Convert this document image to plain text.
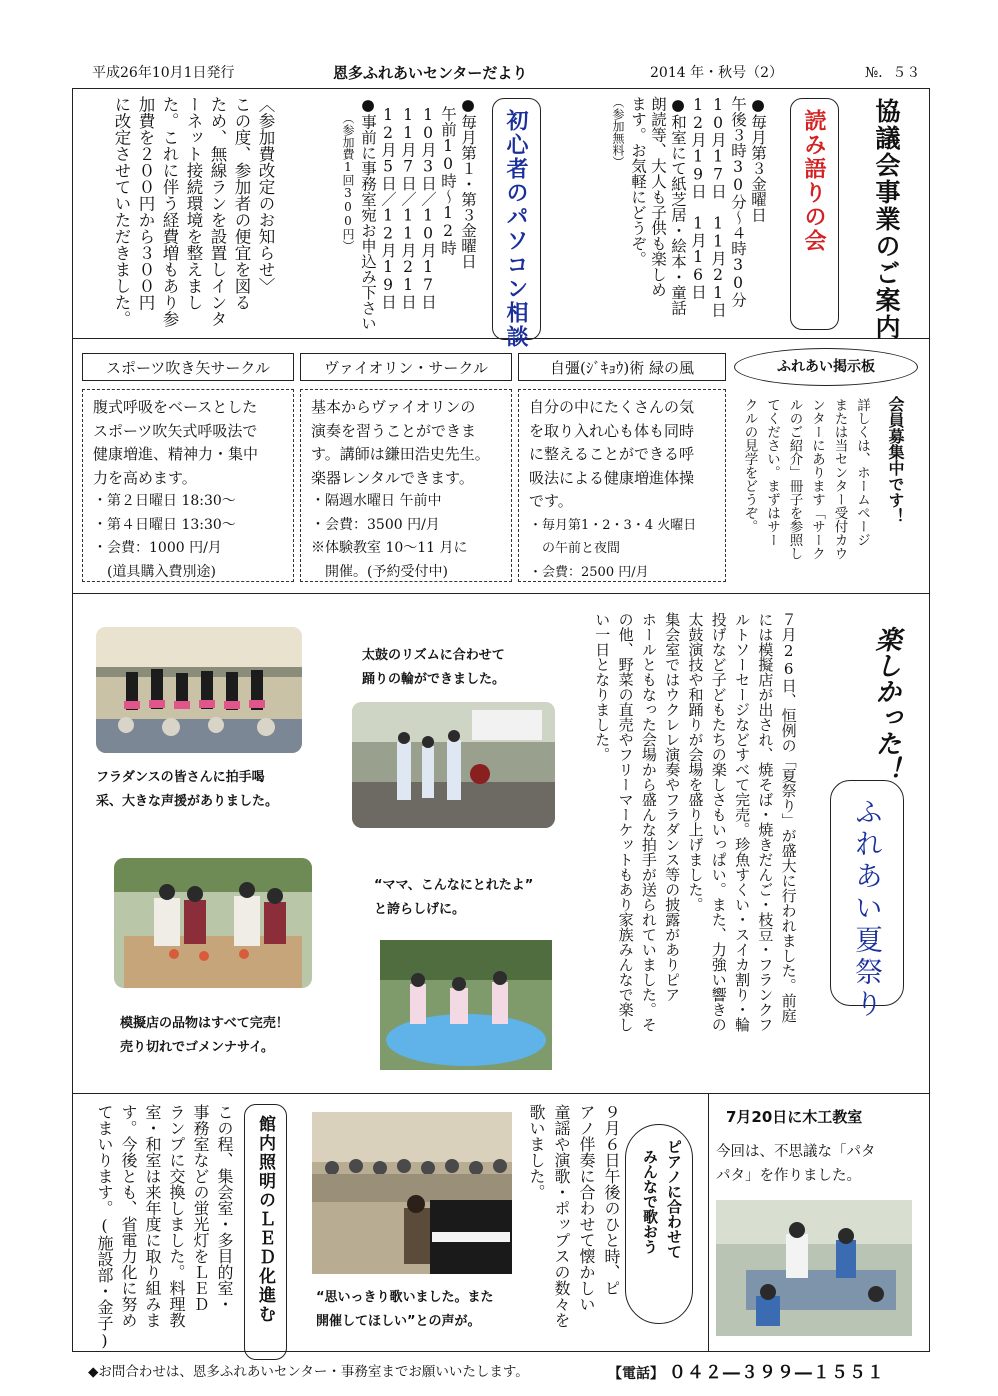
平成26年10月1日発行	恩多ふれあいセンターだより	2014 年・秋号（2）	№．５３
協議会事業のご案内
読み語りの会
●毎月第３金曜日
午後３時30分～４時30分
10月17日　11月21日
12月19日　1月16日
●和室にて紙芝居・絵本・童話
朗読等、大人も子供も楽しめ
ます。お気軽にどうぞ。
（参加無料）
初心者のパソコン相談
●毎月第１・第３金曜日
午前10時～12時
10月3日／10月17日
11月7日／11月21日
12月5日／12月19日
●事前に事務室宛お申込み下さい
（参加費1回300円）
〈参加費改定のお知らせ〉
この度、参加者の便宜を図る
ため、無線ランを設置しインタ
ーネット接続環境を整えまし
た。これに伴う経費増もあり参
加費を２００円から３００円
に改定させていただきました。
スポーツ吹き矢サークル
腹式呼吸をベースとした
スポーツ吹矢式呼吸法で
健康増進、精神力・集中
力を高めます。
・第２日曜日 18:30～
・第４日曜日 13:30～
・会費：1000 円/月
　(道具購入費別途)
ヴァイオリン・サークル
基本からヴァイオリンの
演奏を習うことができま
す。講師は鎌田浩史先生。
楽器レンタルできます。
・隔週水曜日 午前中
・会費：3500 円/月
※体験教室 10～11 月に
　開催。(予約受付中)
自彊(ｼﾞｷｮｳ)術 緑の風
自分の中にたくさんの気
を取り入れ心も体も同時
に整えることができる呼
吸法による健康増進体操
です。
・毎月第1・2・3・4 火曜日
　の午前と夜間
・会費：2500 円/月
ふれあい掲示板
会員募集中です！
詳しくは、ホームページ
または当センター受付カウ
ンターにあります「サーク
ルのご紹介」冊子を参照し
てください。まずはサー
クルの見学をどうぞ。
フラダンスの皆さんに拍手喝
采、大きな声援がありました。
太鼓のリズムに合わせて
踊りの輪ができました。
模擬店の品物はすべて完売！
売り切れでゴメンナサイ。
“ママ、こんなにとれたよ”
と誇らしげに。
楽しかった！
ふれあい夏祭り
７月26日、恒例の「夏祭り」が盛大に行われました。前庭
には模擬店が出され、焼そば・焼きだんご・枝豆・フランクフ
ルトソーセージなどすべて完売。珍魚すくい・スイカ割り・輪
投げなど子どもたちの楽しさもいっぱい。また、力強い響きの
太鼓演技や和踊りが会場を盛り上げました。
集会室ではウクレレ演奏やフラダンス等の披露がありピア
ホールともなった会場から盛んな拍手が送られていました。そ
の他、野菜の直売やフリーマーケットもあり家族みんなで楽し
い一日となりました。
この程、集会室・多目的室・
事務室などの蛍光灯をＬＥＤ
ランプに交換しました。料理教
室・和室は来年度に取り組みま
す。今後とも、省電力化に努め
てまいります。(施設部・金子)	館内照明のＬＥＤ化進む	“思いっきり歌いました。また
開催してほしい”との声が。
９月６日午後のひと時、ピ
アノ伴奏に合わせて懐かしい
童謡や演歌・ポップスの数々を
歌いました。	ピアノに合わせて
みんなで歌おう
7月20日に木工教室
今回は、不思議な「パタ
パタ」を作りました。
◆お問合わせは、恩多ふれあいセンター・事務室までお願いいたします。	【電話】 ０４２―３９９―１５５１
